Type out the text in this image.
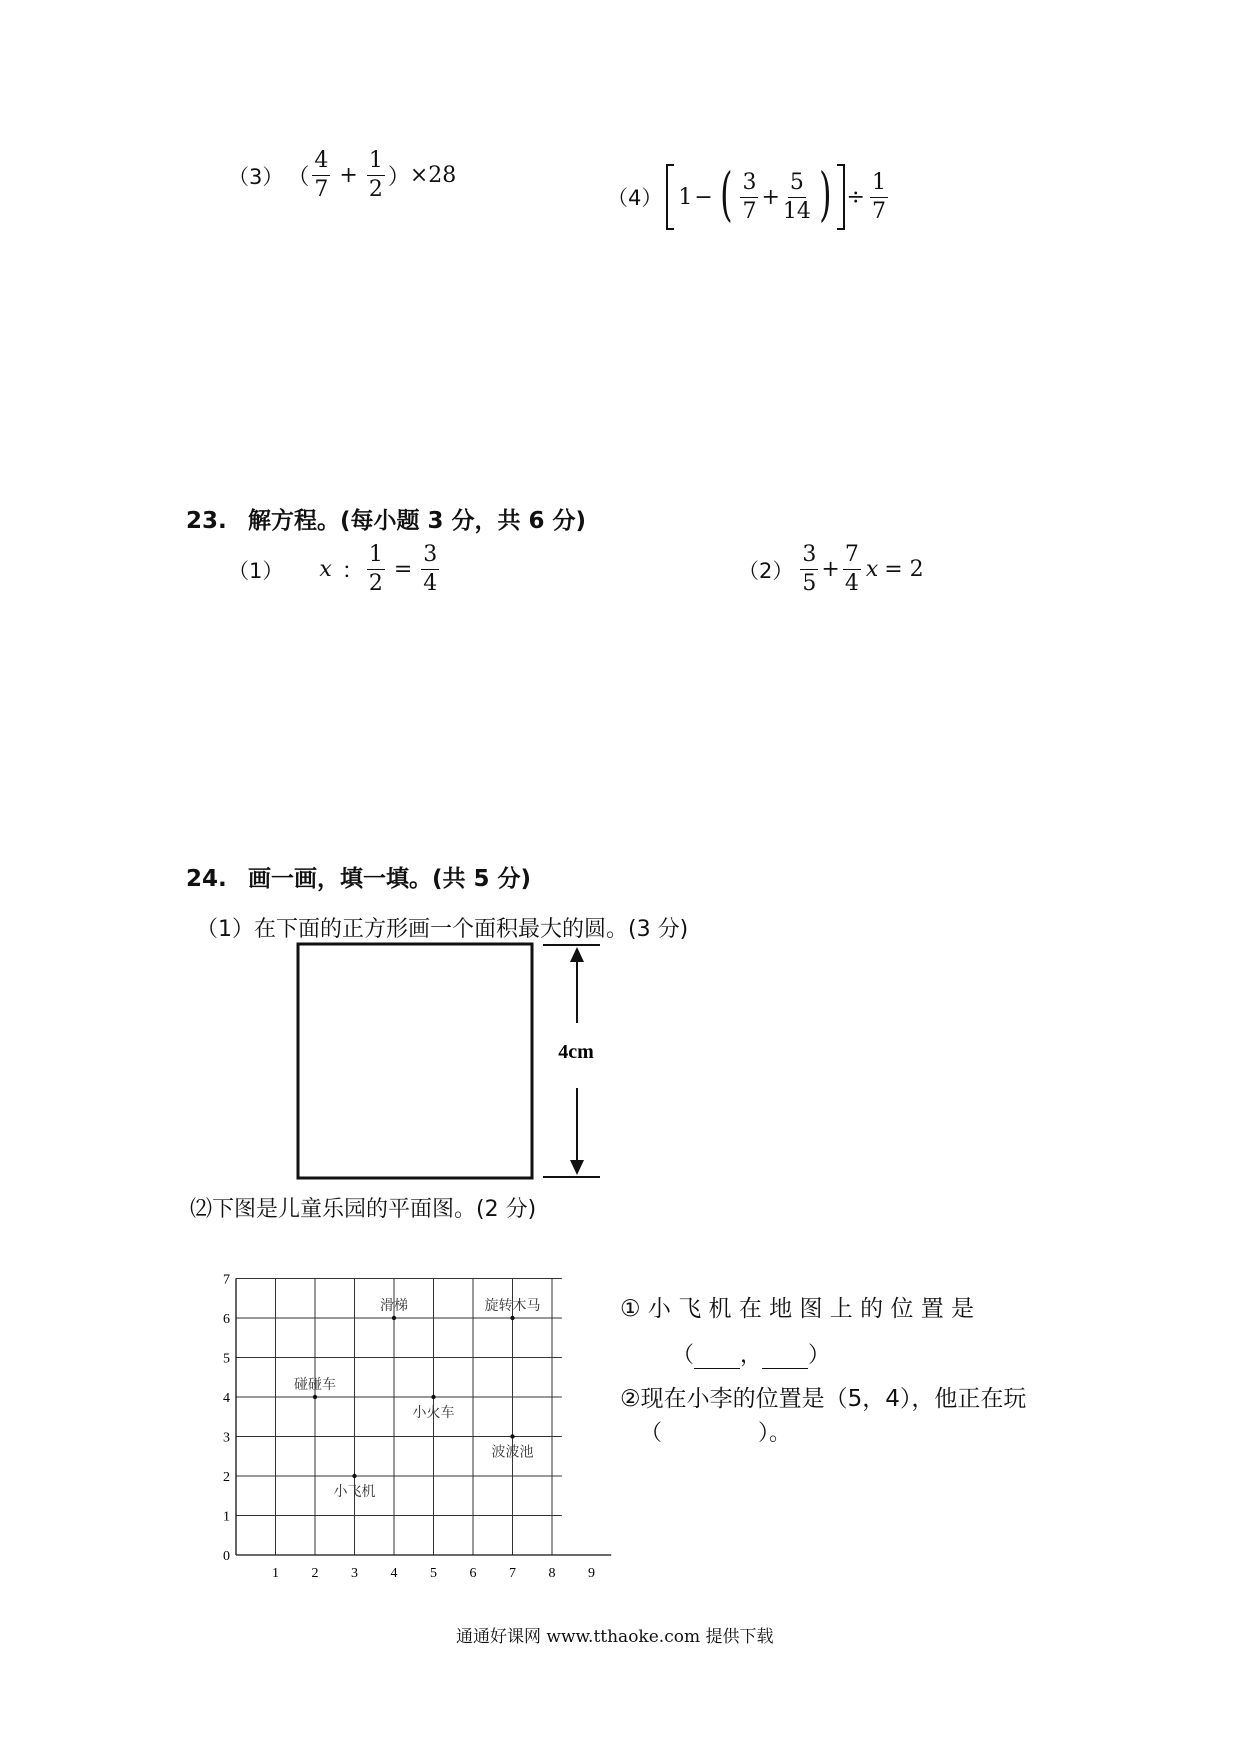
（3） （ $\frac{4}{7} + \frac{1}{2}$ ） ×28
（4） 1 − ( $\frac{3}{7} + \frac{5}{14}$ ) ÷ $\frac{1}{7}$
23. 解方程。(每小题 3 分，共 6 分)
（1） x ： $\frac{1}{2} = \frac{3}{4}$	$(2) \frac{3}{5} + \frac{7}{4}$ x = 2
24. 画一画，填一填。(共 5 分)
（1）在下面的正方形画一个面积最大的圆。(3 分)
4cm
⑵下图是儿童乐园的平面图。(2 分)
1 2 3 4 5 6 7 8 9
0
1
2
3
4
5
6
7
滑梯	旋转木马
碰碰车
小火车
波波池
小飞机
① 小 飞 机 在 地 图 上 的 位 置 是
（ ， ）
②现在小李的位置是（5，4），他正在玩
（	）。
通通好课网 www.tthaoke.com 提供下载
